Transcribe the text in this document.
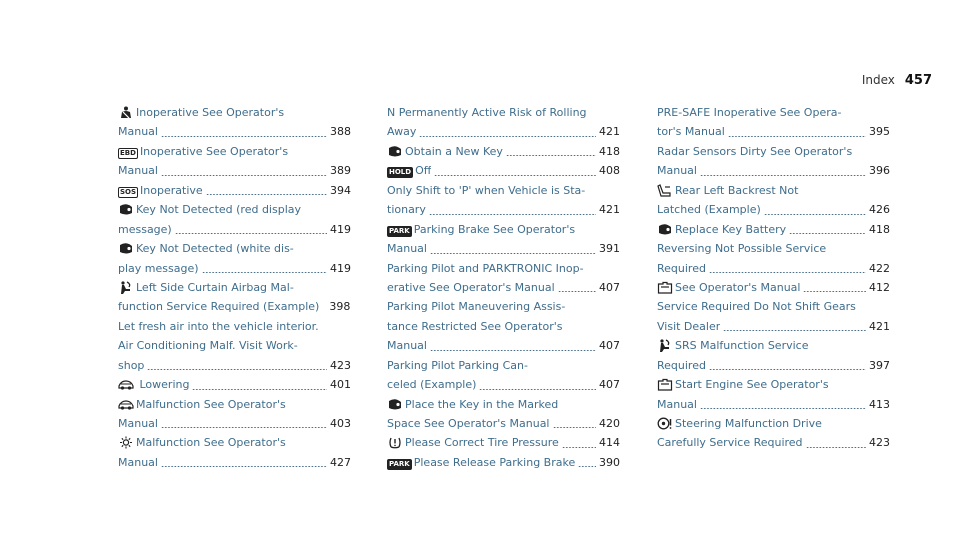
Index 457
Inoperative See Operator's
Manual	388
EBD Inoperative See Operator's
Manual	389
SOS Inoperative	394
Key Not Detected (red display
message)	419
Key Not Detected (white dis-
play message)	419
Left Side Curtain Airbag Mal-
function Service Required (Example) 398
Let fresh air into the vehicle interior.
Air Conditioning Malf. Visit Work-
shop	423
Lowering	401
Malfunction See Operator's
Manual	403
Malfunction See Operator's
Manual	427
N Permanently Active Risk of Rolling
Away	421
Obtain a New Key	418
HOLD Off	408
Only Shift to 'P' when Vehicle is Sta-
tionary	421
PARK Parking Brake See Operator's
Manual	391
Parking Pilot and PARKTRONIC Inop-
erative See Operator's Manual	407
Parking Pilot Maneuvering Assis-
tance Restricted See Operator's
Manual	407
Parking Pilot Parking Can-
celed (Example)	407
Place the Key in the Marked
Space See Operator's Manual	420
Please Correct Tire Pressure	414
PARK Please Release Parking Brake 390
PRE-SAFE Inoperative See Opera-
tor's Manual	395
Radar Sensors Dirty See Operator's
Manual	396
Rear Left Backrest Not
Latched (Example)	426
Replace Key Battery	418
Reversing Not Possible Service
Required	422
See Operator's Manual	412
Service Required Do Not Shift Gears
Visit Dealer	421
SRS Malfunction Service
Required	397
Start Engine See Operator's
Manual	413
Steering Malfunction Drive
Carefully Service Required	423
